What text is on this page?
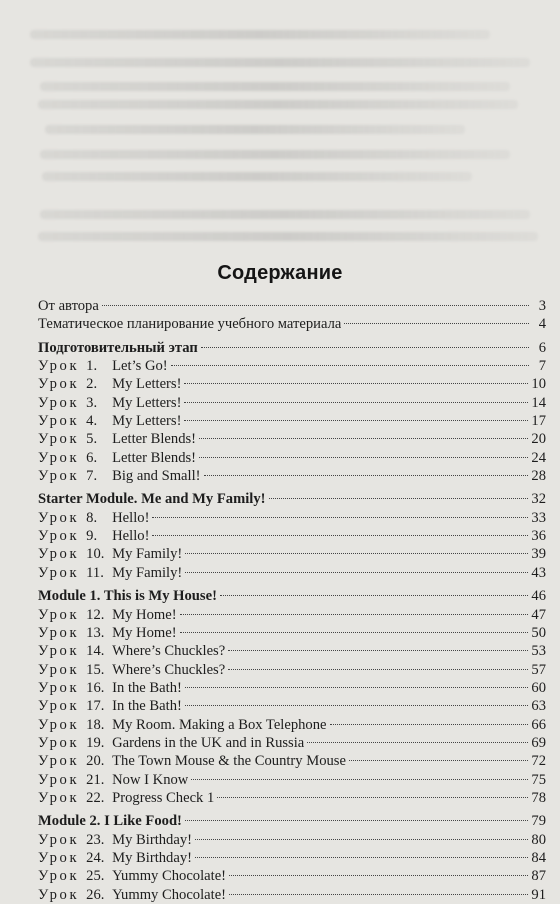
Содержание
От автора	3
Тематическое планирование учебного материала	4
Подготовительный этап	6
Урок 1. Let’s Go!	7
Урок 2. My Letters!	10
Урок 3. My Letters!	14
Урок 4. My Letters!	17
Урок 5. Letter Blends!	20
Урок 6. Letter Blends!	24
Урок 7. Big and Small!	28
Starter Module. Me and My Family!	32
Урок 8. Hello!	33
Урок 9. Hello!	36
Урок 10. My Family!	39
Урок 11. My Family!	43
Module 1. This is My House!	46
Урок 12. My Home!	47
Урок 13. My Home!	50
Урок 14. Where’s Chuckles?	53
Урок 15. Where’s Chuckles?	57
Урок 16. In the Bath!	60
Урок 17. In the Bath!	63
Урок 18. My Room. Making a Box Telephone	66
Урок 19. Gardens in the UK and in Russia	69
Урок 20. The Town Mouse & the Country Mouse	72
Урок 21. Now I Know	75
Урок 22. Progress Check 1	78
Module 2. I Like Food!	79
Урок 23. My Birthday!	80
Урок 24. My Birthday!	84
Урок 25. Yummy Chocolate!	87
Урок 26. Yummy Chocolate!	91
